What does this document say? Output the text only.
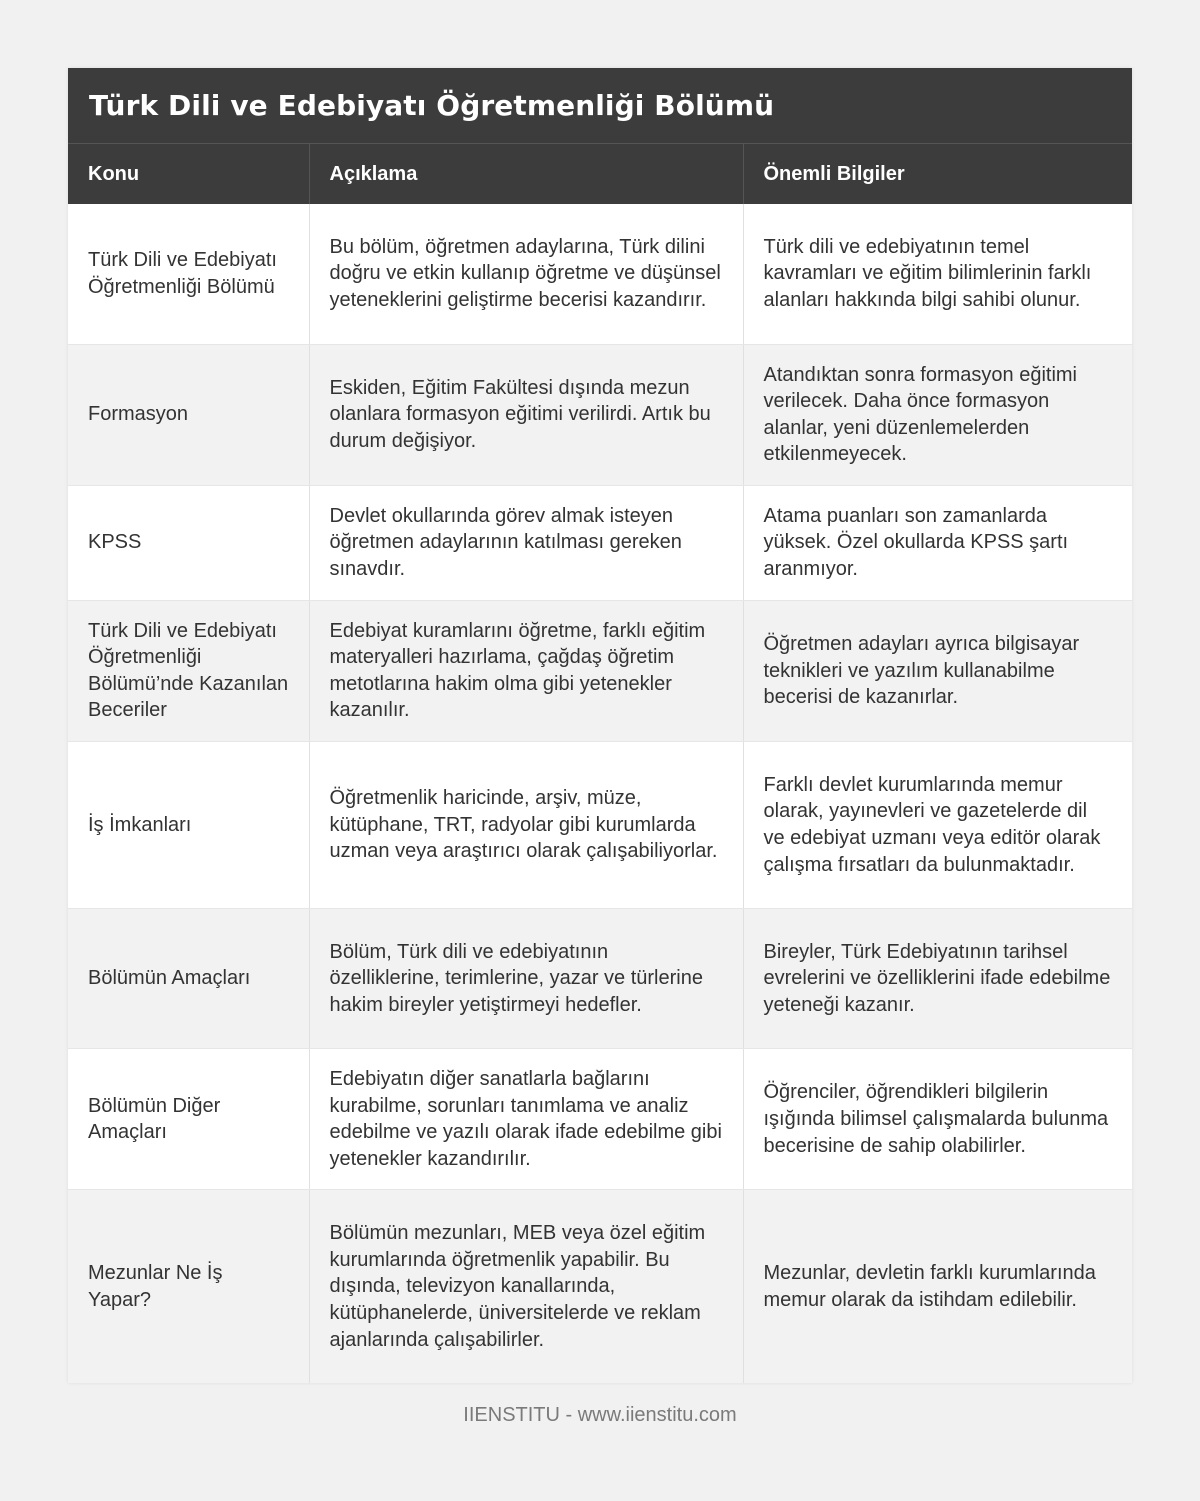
Türk Dili ve Edebiyatı Öğretmenliği Bölümü
Konu	Açıklama	Önemli Bilgiler
Türk Dili ve Edebiyatı Öğretmenliği Bölümü	Bu bölüm, öğretmen adaylarına, Türk dilini doğru ve etkin kullanıp öğretme ve düşünsel yeteneklerini geliştirme becerisi kazandırır.	Türk dili ve edebiyatının temel kavramları ve eğitim bilimlerinin farklı alanları hakkında bilgi sahibi olunur.
Formasyon	Eskiden, Eğitim Fakültesi dışında mezun olanlara formasyon eğitimi verilirdi. Artık bu durum değişiyor.	Atandıktan sonra formasyon eğitimi verilecek. Daha önce formasyon alanlar, yeni düzenlemelerden etkilenmeyecek.
KPSS	Devlet okullarında görev almak isteyen öğretmen adaylarının katılması gereken sınavdır.	Atama puanları son zamanlarda yüksek. Özel okullarda KPSS şartı aranmıyor.
Türk Dili ve Edebiyatı Öğretmenliği Bölümü’nde Kazanılan Beceriler	Edebiyat kuramlarını öğretme, farklı eğitim materyalleri hazırlama, çağdaş öğretim metotlarına hakim olma gibi yetenekler kazanılır.	Öğretmen adayları ayrıca bilgisayar teknikleri ve yazılım kullanabilme becerisi de kazanırlar.
İş İmkanları	Öğretmenlik haricinde, arşiv, müze, kütüphane, TRT, radyolar gibi kurumlarda uzman veya araştırıcı olarak çalışabiliyorlar.	Farklı devlet kurumlarında memur olarak, yayınevleri ve gazetelerde dil ve edebiyat uzmanı veya editör olarak çalışma fırsatları da bulunmaktadır.
Bölümün Amaçları	Bölüm, Türk dili ve edebiyatının özelliklerine, terimlerine, yazar ve türlerine hakim bireyler yetiştirmeyi hedefler.	Bireyler, Türk Edebiyatının tarihsel evrelerini ve özelliklerini ifade edebilme yeteneği kazanır.
Bölümün Diğer Amaçları	Edebiyatın diğer sanatlarla bağlarını kurabilme, sorunları tanımlama ve analiz edebilme ve yazılı olarak ifade edebilme gibi yetenekler kazandırılır.	Öğrenciler, öğrendikleri bilgilerin ışığında bilimsel çalışmalarda bulunma becerisine de sahip olabilirler.
Mezunlar Ne İş Yapar?	Bölümün mezunları, MEB veya özel eğitim kurumlarında öğretmenlik yapabilir. Bu dışında, televizyon kanallarında, kütüphanelerde, üniversitelerde ve reklam ajanlarında çalışabilirler.	Mezunlar, devletin farklı kurumlarında memur olarak da istihdam edilebilir.
IIENSTITU - www.iienstitu.com
